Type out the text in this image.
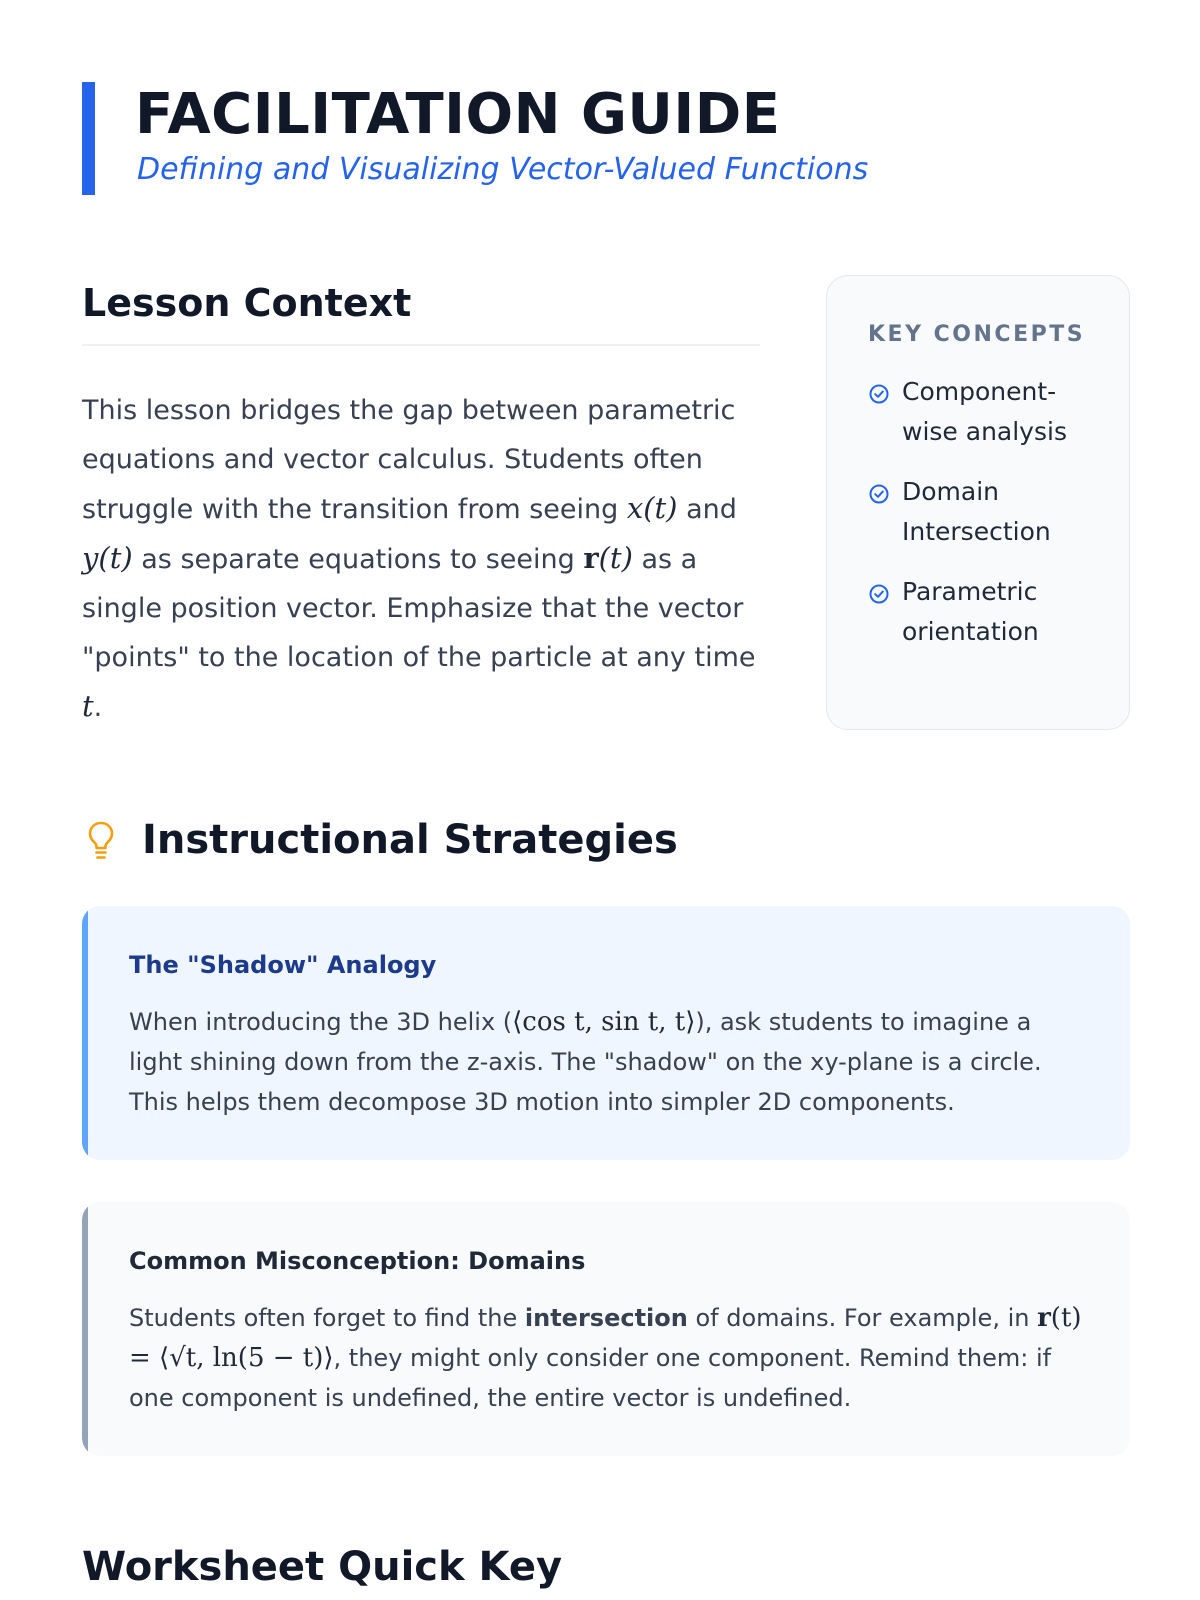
FACILITATION GUIDE

Defining and Visualizing Vector-Valued Functions

Lesson Context

This lesson bridges the gap between parametric equations and vector calculus. Students often struggle with the transition from seeing x(t) and y(t) as separate equations to seeing r(t) as a single position vector. Emphasize that the vector "points" to the location of the particle at any time t.

KEY CONCEPTS

Component-wise analysis
Domain Intersection
Parametric orientation
Instructional Strategies
The "Shadow" Analogy

When introducing the 3D helix (⟨cos t, sin t, t⟩), ask students to imagine a light shining down from the z-axis. The "shadow" on the xy-plane is a circle. This helps them decompose 3D motion into simpler 2D components.

Common Misconception: Domains

Students often forget to find the intersection of domains. For example, in r(t) = ⟨√t, ln(5 − t)⟩, they might only consider one component. Remind them: if one component is undefined, the entire vector is undefined.

Worksheet Quick Key
